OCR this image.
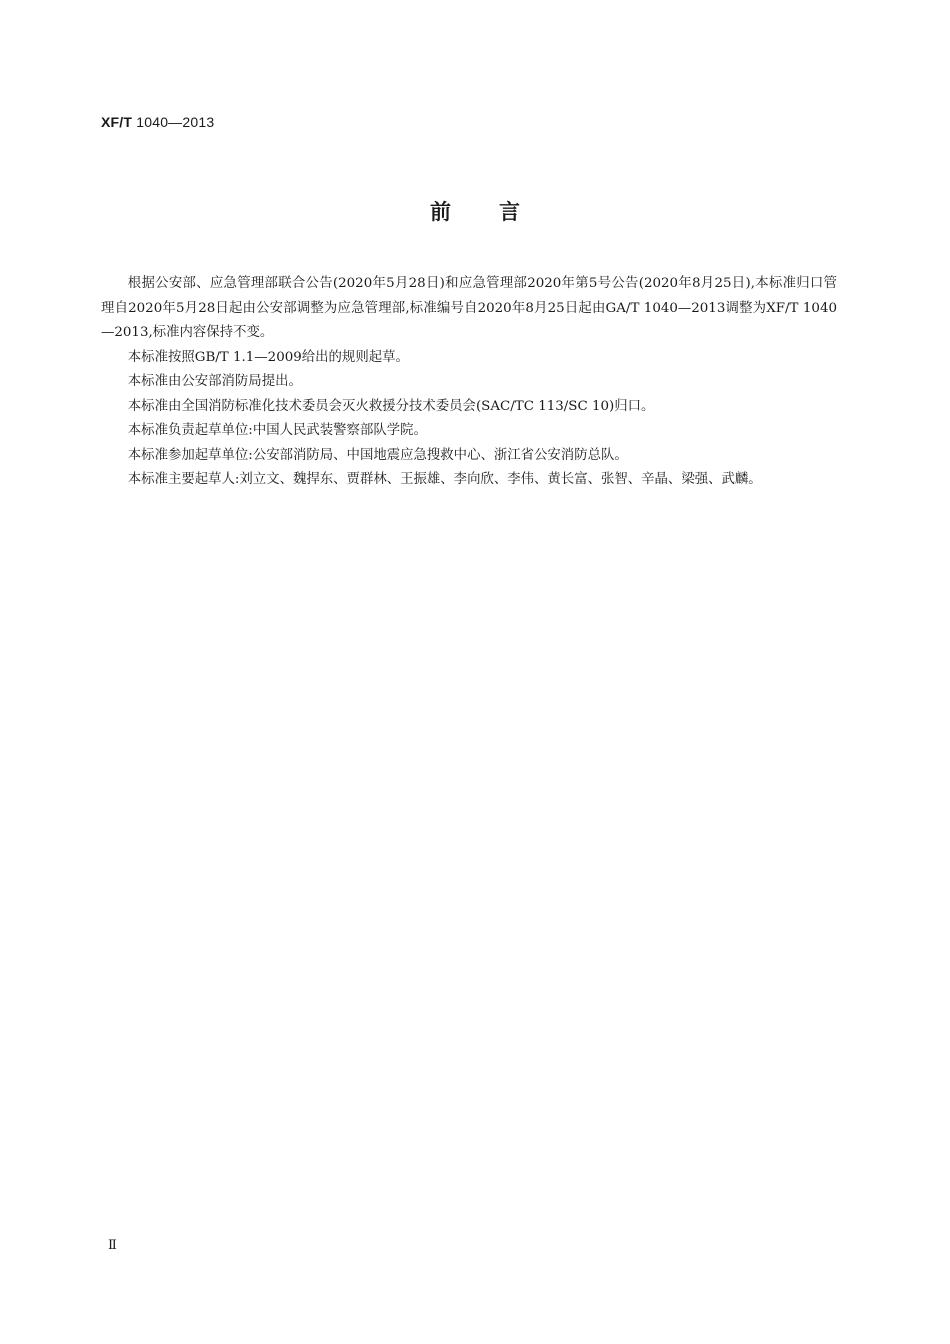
XF/T 1040—2013
前言

根据公安部、应急管理部联合公告(2020年5月28日)和应急管理部2020年第5号公告(2020年8月25日),本标准归口管理自2020年5月28日起由公安部调整为应急管理部,标准编号自2020年8月25日起由GA/T 1040—2013调整为XF/T 1040—2013,标准内容保持不变。

本标准按照GB/T 1.1—2009给出的规则起草。

本标准由公安部消防局提出。

本标准由全国消防标准化技术委员会灭火救援分技术委员会(SAC/TC 113/SC 10)归口。

本标准负责起草单位:中国人民武装警察部队学院。

本标准参加起草单位:公安部消防局、中国地震应急搜救中心、浙江省公安消防总队。

本标准主要起草人:刘立文、魏捍东、贾群林、王振雄、李向欣、李伟、黄长富、张智、辛晶、梁强、武麟。

Ⅱ
